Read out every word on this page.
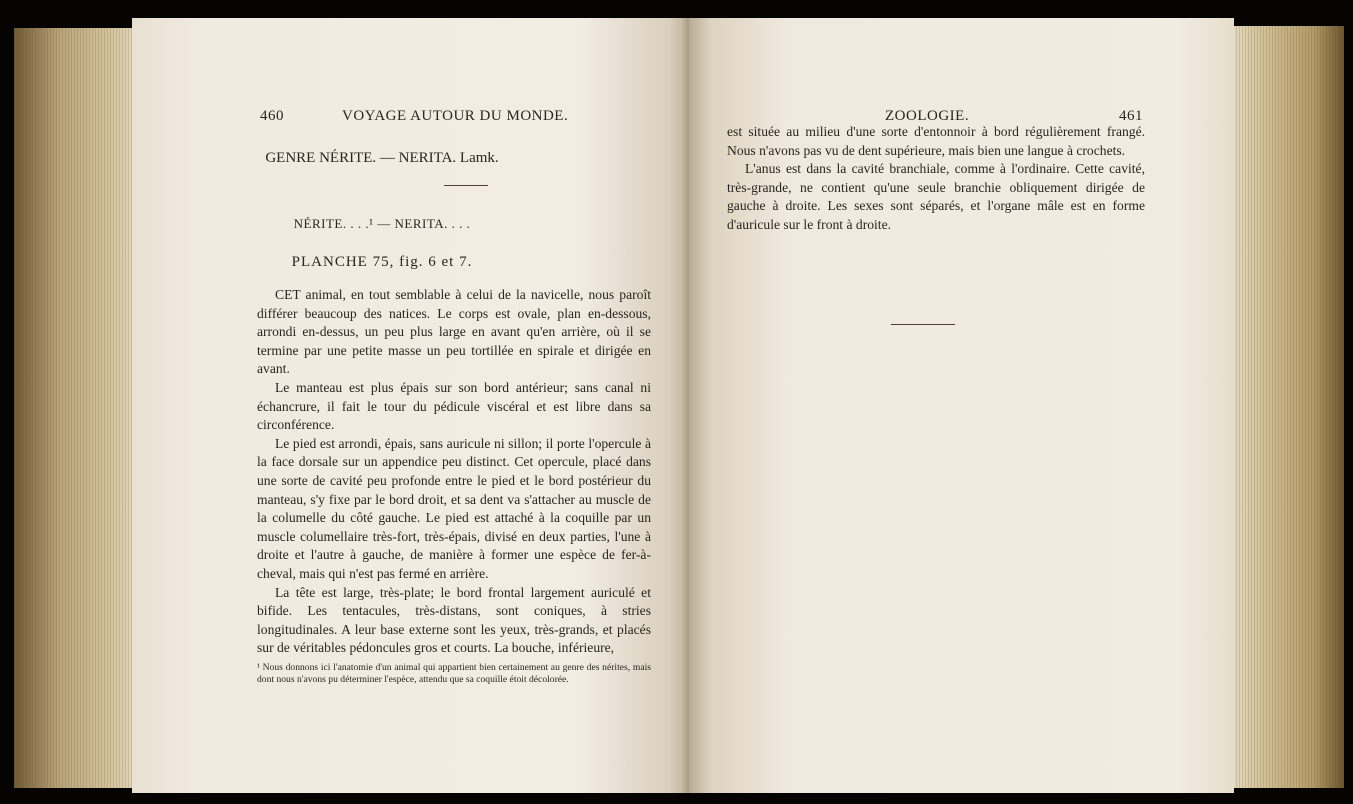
460	VOYAGE AUTOUR DU MONDE.
GENRE NÉRITE. — NERITA. Lamk.
NÉRITE. . . .¹ — NERITA. . . .
PLANCHE 75, fig. 6 et 7.

CET animal, en tout semblable à celui de la navicelle, nous paroît différer beaucoup des natices. Le corps est ovale, plan en-dessous, arrondi en-dessus, un peu plus large en avant qu'en arrière, où il se termine par une petite masse un peu tortillée en spirale et dirigée en avant.

Le manteau est plus épais sur son bord antérieur; sans canal ni échancrure, il fait le tour du pédicule viscéral et est libre dans sa circonférence.

Le pied est arrondi, épais, sans auricule ni sillon; il porte l'opercule à la face dorsale sur un appendice peu distinct. Cet opercule, placé dans une sorte de cavité peu profonde entre le pied et le bord postérieur du manteau, s'y fixe par le bord droit, et sa dent va s'attacher au muscle de la columelle du côté gauche. Le pied est attaché à la coquille par un muscle columellaire très-fort, très-épais, divisé en deux parties, l'une à droite et l'autre à gauche, de manière à former une espèce de fer-à-cheval, mais qui n'est pas fermé en arrière.

La tête est large, très-plate; le bord frontal largement auriculé et bifide. Les tentacules, très-distans, sont coniques, à stries longitudinales. A leur base externe sont les yeux, très-grands, et placés sur de véritables pédoncules gros et courts. La bouche, inférieure,

¹ Nous donnons ici l'anatomie d'un animal qui appartient bien certainement au genre des nérites, mais dont nous n'avons pu déterminer l'espèce, attendu que sa coquille étoit décolorée.
ZOOLOGIE.	461

est située au milieu d'une sorte d'entonnoir à bord régulièrement frangé. Nous n'avons pas vu de dent supérieure, mais bien une langue à crochets.

L'anus est dans la cavité branchiale, comme à l'ordinaire. Cette cavité, très-grande, ne contient qu'une seule branchie obliquement dirigée de gauche à droite. Les sexes sont séparés, et l'organe mâle est en forme d'auricule sur le front à droite.
